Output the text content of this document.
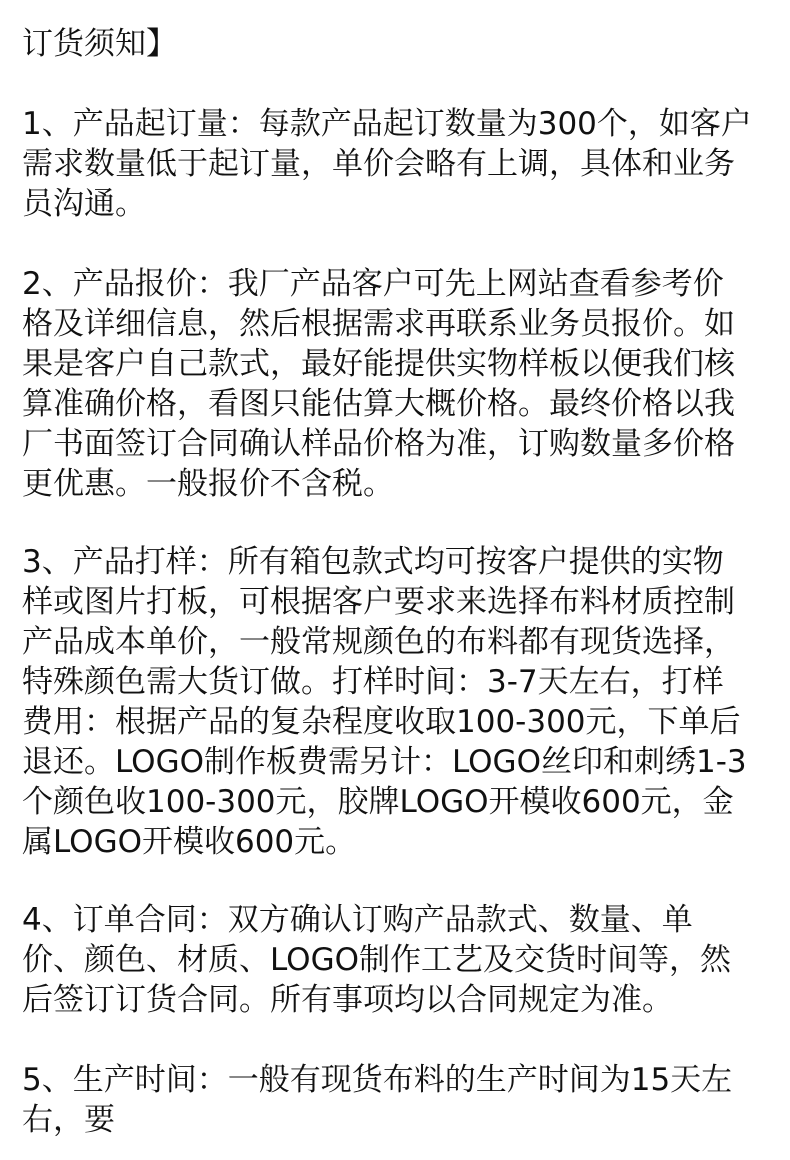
订货须知】
1、产品起订量：每款产品起订数量为300个，如客户
需求数量低于起订量，单价会略有上调，具体和业务
员沟通。
2、产品报价：我厂产品客户可先上网站查看参考价
格及详细信息，然后根据需求再联系业务员报价。如
果是客户自己款式，最好能提供实物样板以便我们核
算准确价格，看图只能估算大概价格。最终价格以我
厂书面签订合同确认样品价格为准，订购数量多价格
更优惠。一般报价不含税。
3、产品打样：所有箱包款式均可按客户提供的实物
样或图片打板，可根据客户要求来选择布料材质控制
产品成本单价，一般常规颜色的布料都有现货选择，
特殊颜色需大货订做。打样时间：3-7天左右，打样
费用：根据产品的复杂程度收取100-300元，下单后
退还。LOGO制作板费需另计：LOGO丝印和刺绣1-3
个颜色收100-300元，胶牌LOGO开模收600元，金
属LOGO开模收600元。
4、订单合同：双方确认订购产品款式、数量、单
价、颜色、材质、LOGO制作工艺及交货时间等，然
后签订订货合同。所有事项均以合同规定为准。
5、生产时间：一般有现货布料的生产时间为15天左
右，要
